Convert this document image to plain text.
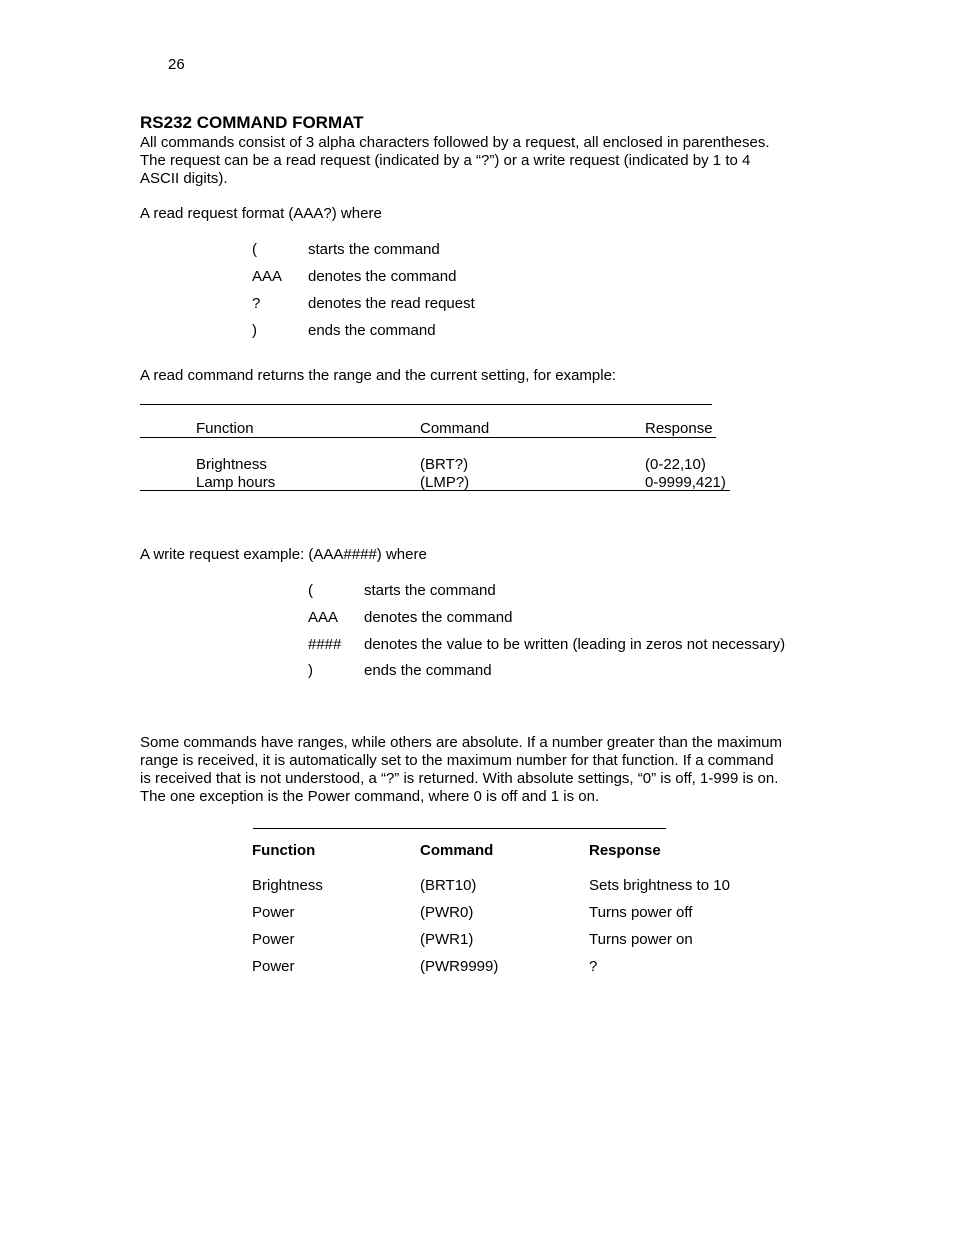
26
RS232 COMMAND FORMAT
All commands consist of 3 alpha characters followed by a request, all enclosed in parentheses.
The request can be a read request (indicated by a “?”) or a write request (indicated by 1 to 4
ASCII digits).
A read request format (AAA?) where
(	starts the command
AAA denotes the command
?	denotes the read request
)	ends the command
A read command returns the range and the current setting, for example:
Function	Command	Response
Brightness	(BRT?)	(0-22,10)
Lamp hours	(LMP?)	0-9999,421)
A write request example: (AAA####) where
(	starts the command
AAA denotes the command
#### denotes the value to be written (leading in zeros not necessary)
)	ends the command
Some commands have ranges, while others are absolute. If a number greater than the maximum
range is received, it is automatically set to the maximum number for that function. If a command
is received that is not understood, a “?” is returned. With absolute settings, “0” is off, 1-999 is on.
The one exception is the Power command, where 0 is off and 1 is on.
Function	Command	Response
Brightness	(BRT10)	Sets brightness to 10
Power	(PWR0)	Turns power off
Power	(PWR1)	Turns power on
Power	(PWR9999)	?
